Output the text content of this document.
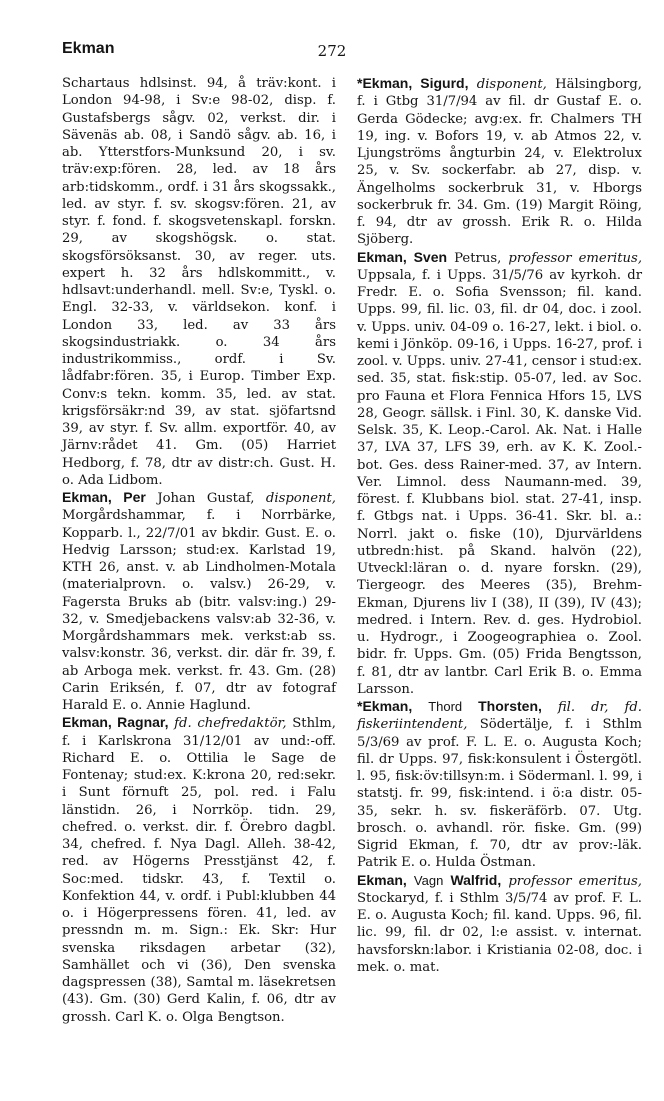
Ekman	272

Schartaus hdlsinst. 94, å träv:kont. i London 94-98, i Sv:e 98-02, disp. f. Gustafsbergs sågv. 02, verkst. dir. i Sävenäs ab. 08, i Sandö sågv. ab. 16, i ab. Ytterstfors-Munksund 20, i sv. träv:exp:fören. 28, led. av 18 års arb:tidskomm., ordf. i 31 års skogssakk., led. av styr. f. sv. skogsv:fören. 21, av styr. f. fond. f. skogsvetenskapl. forskn. 29, av skogshögsk. o. stat. skogsförsöksanst. 30, av reger. uts. expert h. 32 års hdlskommitt., v. hdlsavt:underhandl. mell. Sv:e, Tyskl. o. Engl. 32-33, v. världsekon. konf. i London 33, led. av 33 års skogsindustriakk. o. 34 års industrikommiss., ordf. i Sv. lådfabr:fören. 35, i Europ. Timber Exp. Conv:s tekn. komm. 35, led. av stat. krigsförsäkr:nd 39, av stat. sjöfartsnd 39, av styr. f. Sv. allm. exportför. 40, av Järnv:rådet 41. Gm. (05) Harriet Hedborg, f. 78, dtr av distr:ch. Gust. H. o. Ada Lidbom.

Ekman, Per Johan Gustaf, disponent, Morgårdshammar, f. i Norrbärke, Kopparb. l., 22/7/01 av bkdir. Gust. E. o. Hedvig Larsson; stud:ex. Karlstad 19, KTH 26, anst. v. ab Lindholmen-Motala (materialprovn. o. valsv.) 26-29, v. Fagersta Bruks ab (bitr. valsv:ing.) 29-32, v. Smedjebackens valsv:ab 32-36, v. Morgårdshammars mek. verkst:ab ss. valsv:konstr. 36, verkst. dir. där fr. 39, f. ab Arboga mek. verkst. fr. 43. Gm. (28) Carin Eriksén, f. 07, dtr av fotograf Harald E. o. Annie Haglund.

Ekman, Ragnar, fd. chefredaktör, Sthlm, f. i Karlskrona 31/12/01 av und:-off. Richard E. o. Ottilia le Sage de Fontenay; stud:ex. K:krona 20, red:sekr. i Sunt förnuft 25, pol. red. i Falu länstidn. 26, i Norrköp. tidn. 29, chefred. o. verkst. dir. f. Örebro dagbl. 34, chefred. f. Nya Dagl. Alleh. 38-42, red. av Högerns Presstjänst 42, f. Soc:med. tidskr. 43, f. Textil o. Konfektion 44, v. ordf. i Publ:klubben 44 o. i Högerpressens fören. 41, led. av pressndn m. m. Sign.: Ek. Skr: Hur svenska riksdagen arbetar (32), Samhället och vi (36), Den svenska dagspressen (38), Samtal m. läsekretsen (43). Gm. (30) Gerd Kalin, f. 06, dtr av grossh. Carl K. o. Olga Bengtson.

*Ekman, Sigurd, disponent, Hälsingborg, f. i Gtbg 31/7/94 av fil. dr Gustaf E. o. Gerda Gödecke; avg:ex. fr. Chalmers TH 19, ing. v. Bofors 19, v. ab Atmos 22, v. Ljungströms ångturbin 24, v. Elektrolux 25, v. Sv. sockerfabr. ab 27, disp. v. Ängelholms sockerbruk 31, v. Hborgs sockerbruk fr. 34. Gm. (19) Margit Röing, f. 94, dtr av grossh. Erik R. o. Hilda Sjöberg.

Ekman, Sven Petrus, professor emeritus, Uppsala, f. i Upps. 31/5/76 av kyrkoh. dr Fredr. E. o. Sofia Svensson; fil. kand. Upps. 99, fil. lic. 03, fil. dr 04, doc. i zool. v. Upps. univ. 04-09 o. 16-27, lekt. i biol. o. kemi i Jönköp. 09-16, i Upps. 16-27, prof. i zool. v. Upps. univ. 27-41, censor i stud:ex. sed. 35, stat. fisk:stip. 05-07, led. av Soc. pro Fauna et Flora Fennica Hfors 15, LVS 28, Geogr. sällsk. i Finl. 30, K. danske Vid. Selsk. 35, K. Leop.-Carol. Ak. Nat. i Halle 37, LVA 37, LFS 39, erh. av K. K. Zool.-bot. Ges. dess Rainer-med. 37, av Intern. Ver. Limnol. dess Naumann-med. 39, förest. f. Klubbans biol. stat. 27-41, insp. f. Gtbgs nat. i Upps. 36-41. Skr. bl. a.: Norrl. jakt o. fiske (10), Djurvärldens utbredn:hist. på Skand. halvön (22), Utveckl:läran o. d. nyare forskn. (29), Tiergeogr. des Meeres (35), Brehm-Ekman, Djurens liv I (38), II (39), IV (43); medred. i Intern. Rev. d. ges. Hydrobiol. u. Hydrogr., i Zoogeographiea o. Zool. bidr. fr. Upps. Gm. (05) Frida Bengtsson, f. 81, dtr av lantbr. Carl Erik B. o. Emma Larsson.

*Ekman, Thord Thorsten, fil. dr, fd. fiskeriintendent, Södertälje, f. i Sthlm 5/3/69 av prof. F. L. E. o. Augusta Koch; fil. dr Upps. 97, fisk:konsulent i Östergötl. l. 95, fisk:öv:tillsyn:m. i Södermanl. l. 99, i statstj. fr. 99, fisk:intend. i ö:a distr. 05-35, sekr. h. sv. fiskeräförb. 07. Utg. brosch. o. avhandl. rör. fiske. Gm. (99) Sigrid Ekman, f. 70, dtr av prov:-läk. Patrik E. o. Hulda Östman.

Ekman, Vagn Walfrid, professor emeritus, Stockaryd, f. i Sthlm 3/5/74 av prof. F. L. E. o. Augusta Koch; fil. kand. Upps. 96, fil. lic. 99, fil. dr 02, l:e assist. v. internat. havsforskn:labor. i Kristiania 02-08, doc. i mek. o. mat.
